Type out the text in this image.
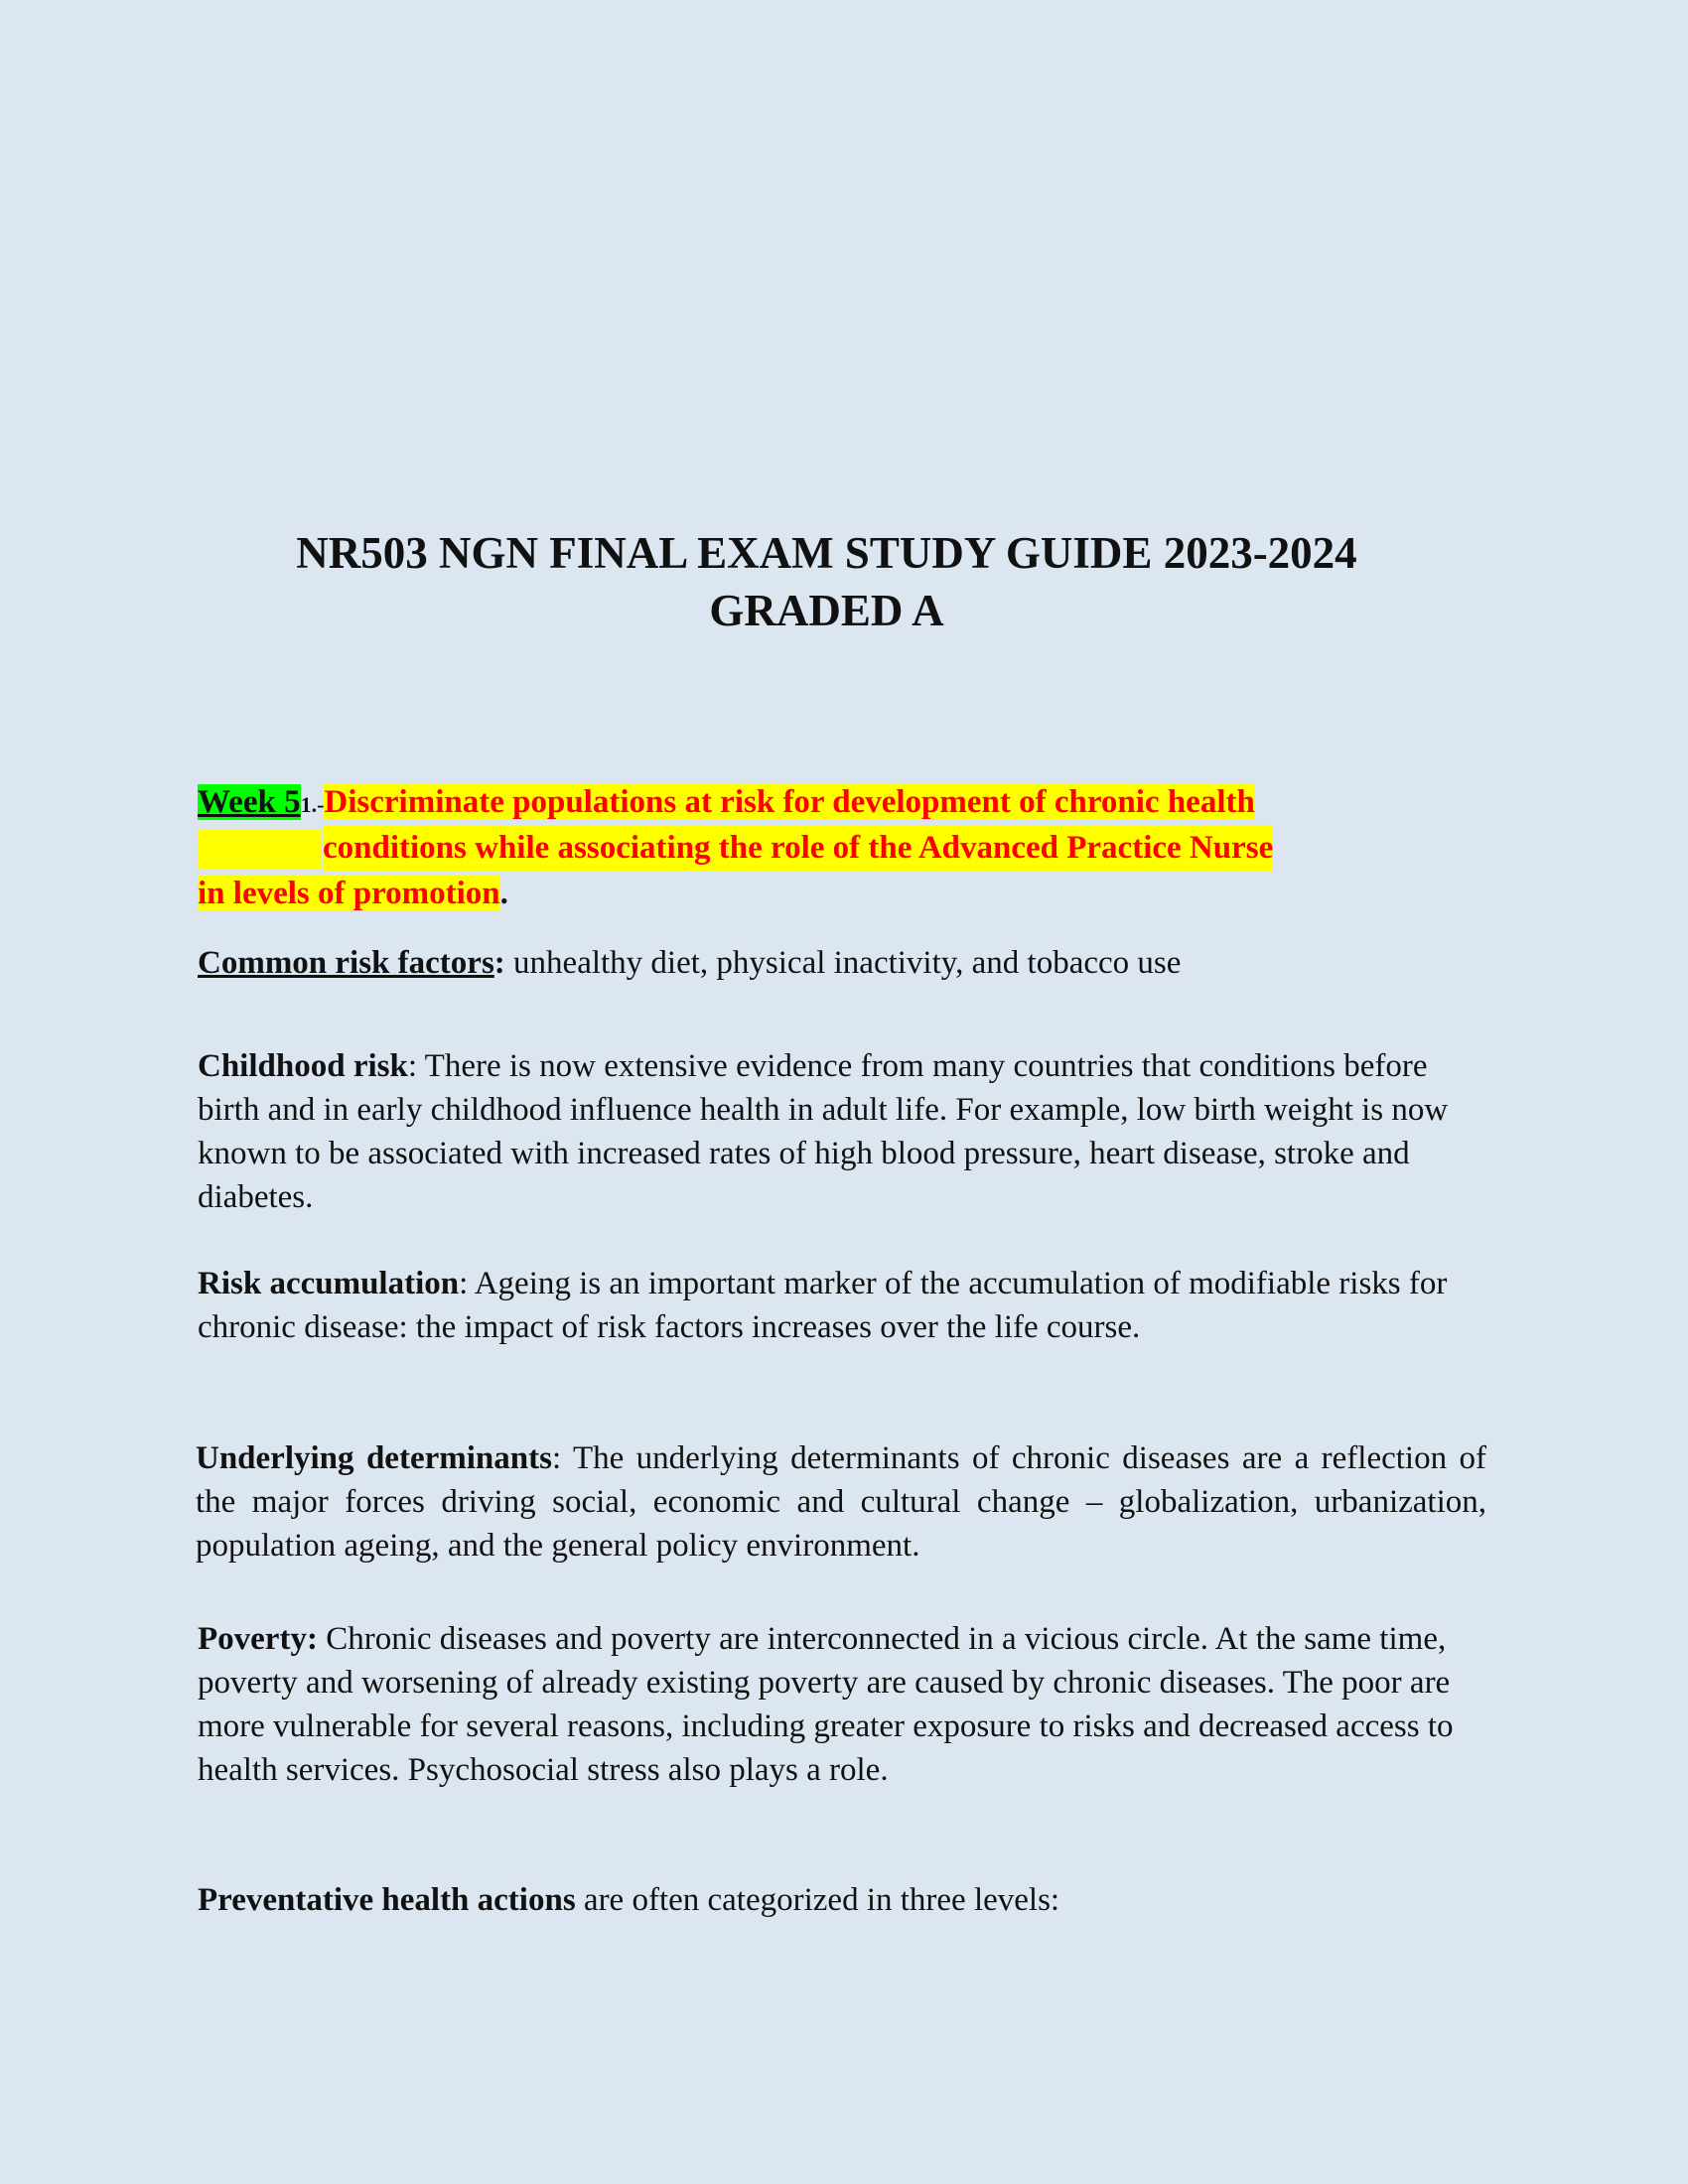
NR503 NGN FINAL EXAM STUDY GUIDE 2023-2024
GRADED A
Week 51.-Discriminate populations at risk for development of chronic health
conditions while associating the role of the Advanced Practice Nurse
in levels of promotion.
Common risk factors: unhealthy diet, physical inactivity, and tobacco use
Childhood risk: There is now extensive evidence from many countries that conditions before birth and in early childhood influence health in adult life. For example, low birth weight is now known to be associated with increased rates of high blood pressure, heart disease, stroke and diabetes.
Risk accumulation: Ageing is an important marker of the accumulation of modifiable risks for chronic disease: the impact of risk factors increases over the life course.
Underlying determinants: The underlying determinants of chronic diseases are a reflection of the major forces driving social, economic and cultural change – globalization, urbanization, population ageing, and the general policy environment.
Poverty: Chronic diseases and poverty are interconnected in a vicious circle. At the same time, poverty and worsening of already existing poverty are caused by chronic diseases. The poor are more vulnerable for several reasons, including greater exposure to risks and decreased access to health services. Psychosocial stress also plays a role.
Preventative health actions are often categorized in three levels:
